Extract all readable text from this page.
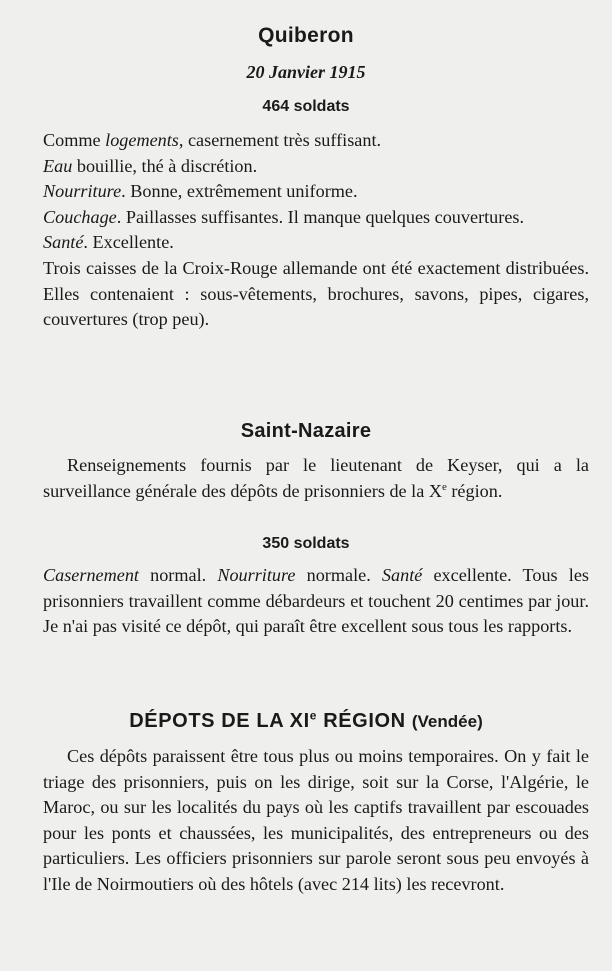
Quiberon
20 Janvier 1915
464 soldats

Comme logements, casernement très suffisant.

Eau bouillie, thé à discrétion.

Nourriture. Bonne, extrêmement uniforme.

Couchage. Paillasses suffisantes. Il manque quelques couvertures.

Santé. Excellente.

Trois caisses de la Croix-Rouge allemande ont été exactement distribuées. Elles contenaient : sous-vêtements, brochures, savons, pipes, cigares, couvertures (trop peu).

Saint-Nazaire

Renseignements fournis par le lieutenant de Keyser, qui a la surveillance générale des dépôts de prisonniers de la Xe région.

350 soldats

Casernement normal. Nourriture normale. Santé excellente. Tous les prisonniers travaillent comme débardeurs et touchent 20 centimes par jour. Je n'ai pas visité ce dépôt, qui paraît être excellent sous tous les rapports.

DÉPOTS DE LA XIe RÉGION (Vendée)

Ces dépôts paraissent être tous plus ou moins temporaires. On y fait le triage des prisonniers, puis on les dirige, soit sur la Corse, l'Algérie, le Maroc, ou sur les localités du pays où les captifs travaillent par escouades pour les ponts et chaussées, les municipalités, des entrepreneurs ou des particuliers. Les officiers prisonniers sur parole seront sous peu envoyés à l'Ile de Noirmoutiers où des hôtels (avec 214 lits) les recevront.
